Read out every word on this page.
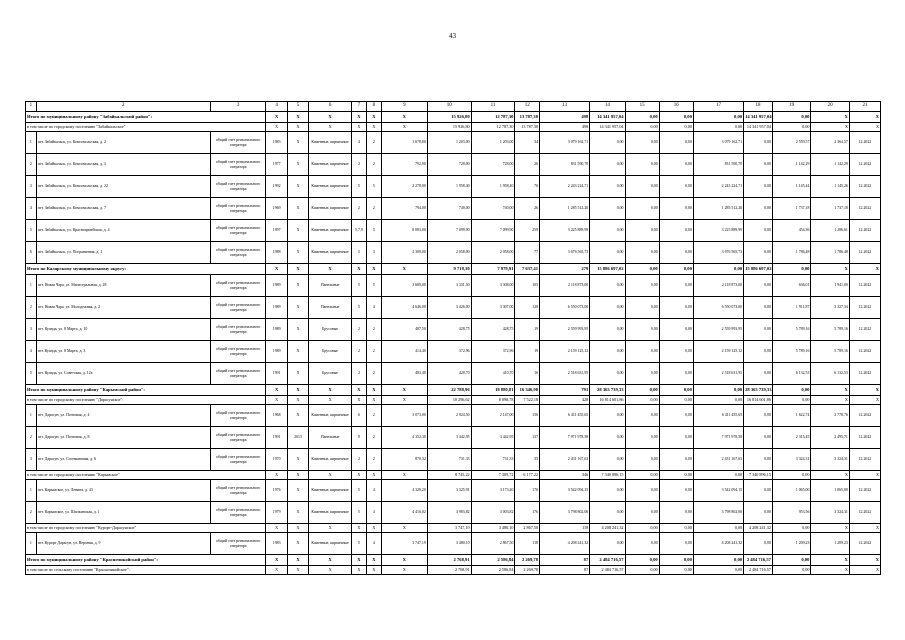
43
1	2	3	4	5	6	7	8	9	10	11	12	13	14	15	16	17	18	19	20	21
Итого по муниципальному району "Забайкальский район":			X	X	X	X	X	X	15 926,80	12 787,30	13 787,30	498	14 341 957,04	0,00	0,00	0,00	14 341 957,04	0,00	X	X
в том числе по городскому поселению "Забайкальское"			X	X	X	X	X	X	15 926,80	12 787,30	13 787,30	498	14 341 957,04	0,00	0,00	0,00	14 341 957,04	0,00	X	X
1	пгт. Забайкальск, ул. Комсомольская, д. 2	общий счет регионального оператора	1983	X	Каменные, кирпичные	4	2	1 678,00	1 203,00	1 203,00	34	3 079 162,71	0,00	0,00	0,00	3 079 162,71	0,00	2 559,57	2 364,57	12.2022
2	пгт. Забайкальск, ул. Комсомольская, д. 3	общий счет регионального оператора	1977	X	Каменные, кирпичные	2	2	792,90	728,00	728,00	26	831 590,70	0,00	0,00	0,00	831 590,70	0,00	1 142,29	1 142,29	12.2022
3	пгт. Забайкальск, ул. Комсомольская, д. 22	общий счет регионального оператора	1992	X	Каменные, кирпичные	5	5	2 278,00	1 958,40	1 958,40	76	2 243 224,71	0,00	0,00	0,00	2 243 224,71	0,00	1 145,44	1 145,26	12.2022
4	пгт. Забайкальск, ул. Комсомольская, д. 7	общий счет регионального оператора	1969	X	Каменные, кирпичные	2	2	794,00	740,00	740,00	26	1 285 512,20	0,00	0,00	0,00	1 285 512,20	0,00	1 737,18	1 737,18	12.2022
5	пгт. Забайкальск, ул. Красноармейская, д. 4	общий счет регионального оператора	1997	X	Каменные, кирпичные	5,7,9	5	8 083,00	7 099,90	7 099,90	259	3 225 889,99	0,00	0,00	0,00	3 225 889,99	0,00	454,36	1 286,61	12.2022
6	пгт. Забайкальск, ул. Пограничная, д. 1	общий счет регионального оператора	1988	X	Каменные, кирпичные	5	3	2 309,00	2 058,00	2 058,00	77	3 676 565,73	0,00	0,00	0,00	3 676 565,73	0,00	1 786,48	1 786,48	12.2022
Итого по Каларскому муниципальному округу:			X	X	X	X	X	X	9 718,30	7 979,91	7 637,41	279	15 886 697,02	0,00	0,00	0,00	15 886 697,02	0,00	X	X
1	пгт. Новая Чара, ул. Магистральная, д. 28	общий счет регионального оператора	1989	X	Панельные	5	5	3 689,00	3 331,50	3 308,00	105	2 118 873,00	0,00	0,00	0,00	2 118 873,00	0,00	636,01	1 941,00	12.2022
2	пгт. Новая Чара, ул. Молодежная, д. 2	общий счет регионального оператора	1989	X	Панельные	5	4	4 646,00	3 426,00	3 307,00	120	6 550 073,00	0,00	0,00	0,00	6 550 073,00	0,00	1 911,87	3 327,34	12.2022
3	пгт. Куанда, ул. 8 Марта, д. 10	общий счет регионального оператора	1989	X	Брусовые	2	2	487,50	428,75	428,75	19	2 559 993,95	0,00	0,00	0,00	2 559 993,95	0,00	5 789,16	5 789,16	12.2022
4	пгт. Куанда, ул. 8 Марта, д. 3	общий счет регионального оператора	1989	X	Брусовые	2	2	414,40	372,96	372,96	19	2 159 125,12	0,00	0,00	0,00	2 159 125,12	0,00	5 789,16	5 789,16	12.2022
5	пгт. Куанда, ул. Советская, д. 12а	общий счет регионального оператора	1991	X	Брусовые	2	2	483,40	420,70	410,70	16	2 518 631,95	0,00	0,00	0,00	2 518 631,95	0,00	6 132,53	6 132,53	12.2022
Итого по муниципальному району "Карымский район":			X	X	X	X	X	X	22 788,96	18 880,81	16 346,90	791	28 363 739,33	0,00	0,00	0,00	28 363 739,33	0,00	X	X
в том числе по городскому поселению "Дарасунское":			X	X	X	X	X	X	10 296,62	8 098,78	7 522,18	428	16 814 601,86	0,00	0,00	0,00	16 814 601,86	0,00	X	X
1	пгт. Дарасун, ул. Почтовая, д. 4	общий счет регионального оператора	1968	X	Каменные, кирпичные	6	2	3 073,00	2 924,50	2 147,00	156	6 411 455,65	0,00	0,00	0,00	6 411 455,65	0,00	1 622,74	2 778,76	12.2022
2	пгт. Дарасун, ул. Почтовая, д. 8	общий счет регионального оператора	1991	2013	Панельные	9	2	4 352,30	3 442,95	3 442,95	137	7 971 978,58	0,00	0,00	0,00	7 971 978,58	0,00	2 315,45	2 495,71	12.2022
3	пгт. Дарасун, ул. Сгоемывчная, д. 6	общий счет регионального оператора	1970	X	Каменные, кирпичные	2	2	870,32	731,33	731,33	35	2 431 167,63	0,00	0,00	0,00	2 431 167,63	0,00	3 324,31	3 324,31	12.2022
в том числе по городскому поселению "Карымское"			X	X	X	X	X	X	8 745,22	7 309,72	6 177,22	346	7 340 896,15	0,00	0,00	0,00	7 340 896,15	0,00	X	X
1	пгт. Карымское, ул. Ленина, д. 43	общий счет регионального оператора	1976	X	Каменные, кирпичные	5	4	4 329,20	3 325,91	3 173,40	176	3 542 094,15	0,00	0,00	0,00	3 542 094,15	0,00	1 065,00	1 065,00	12.2022
2	пгт. Карымское, ул. Шилкинская, д. 1	общий счет регионального оператора	1979	X	Каменные, кирпичные	5	4	4 416,02	3 983,82	3 003,82	176	3 798 802,00	0,00	0,00	0,00	3 798 802,00	0,00	953,56	3 324,31	12.2022
в том числе по городскому поселению "Курорт-Дарасунское"			X	X	X	X	X	X	3 747,19	3 480,10	2 867,50	118	4 208 241,32	0,00	0,00	0,00	4 208 241,32	0,00	X	X
1	пгт. Курорт Дарасун, ул. Верхняя, д. 9	общий счет регионального оператора	1983	X	Каменные, кирпичные	5	4	3 747,19	3 480,10	2 867,50	118	4 208 241,32	0,00	0,00	0,00	4 208 241,32	0,00	1 209,23	1 209,23	12.2022
Итого по муниципальному району "Красночикойский район":			X	X	X	X	X	X	2 768,91	2 586,84	2 269,78	87	2 484 716,57	0,00	0,00	0,00	2 484 716,57	0,00	X	X
в том числе по сельскому поселению "Красночикойское":			X	X	X	X	X	X	2 768,91	2 586,84	2 269,78	87	2 484 716,57	0,00	0,00	0,00	2 484 716,57	0,00	X	X
